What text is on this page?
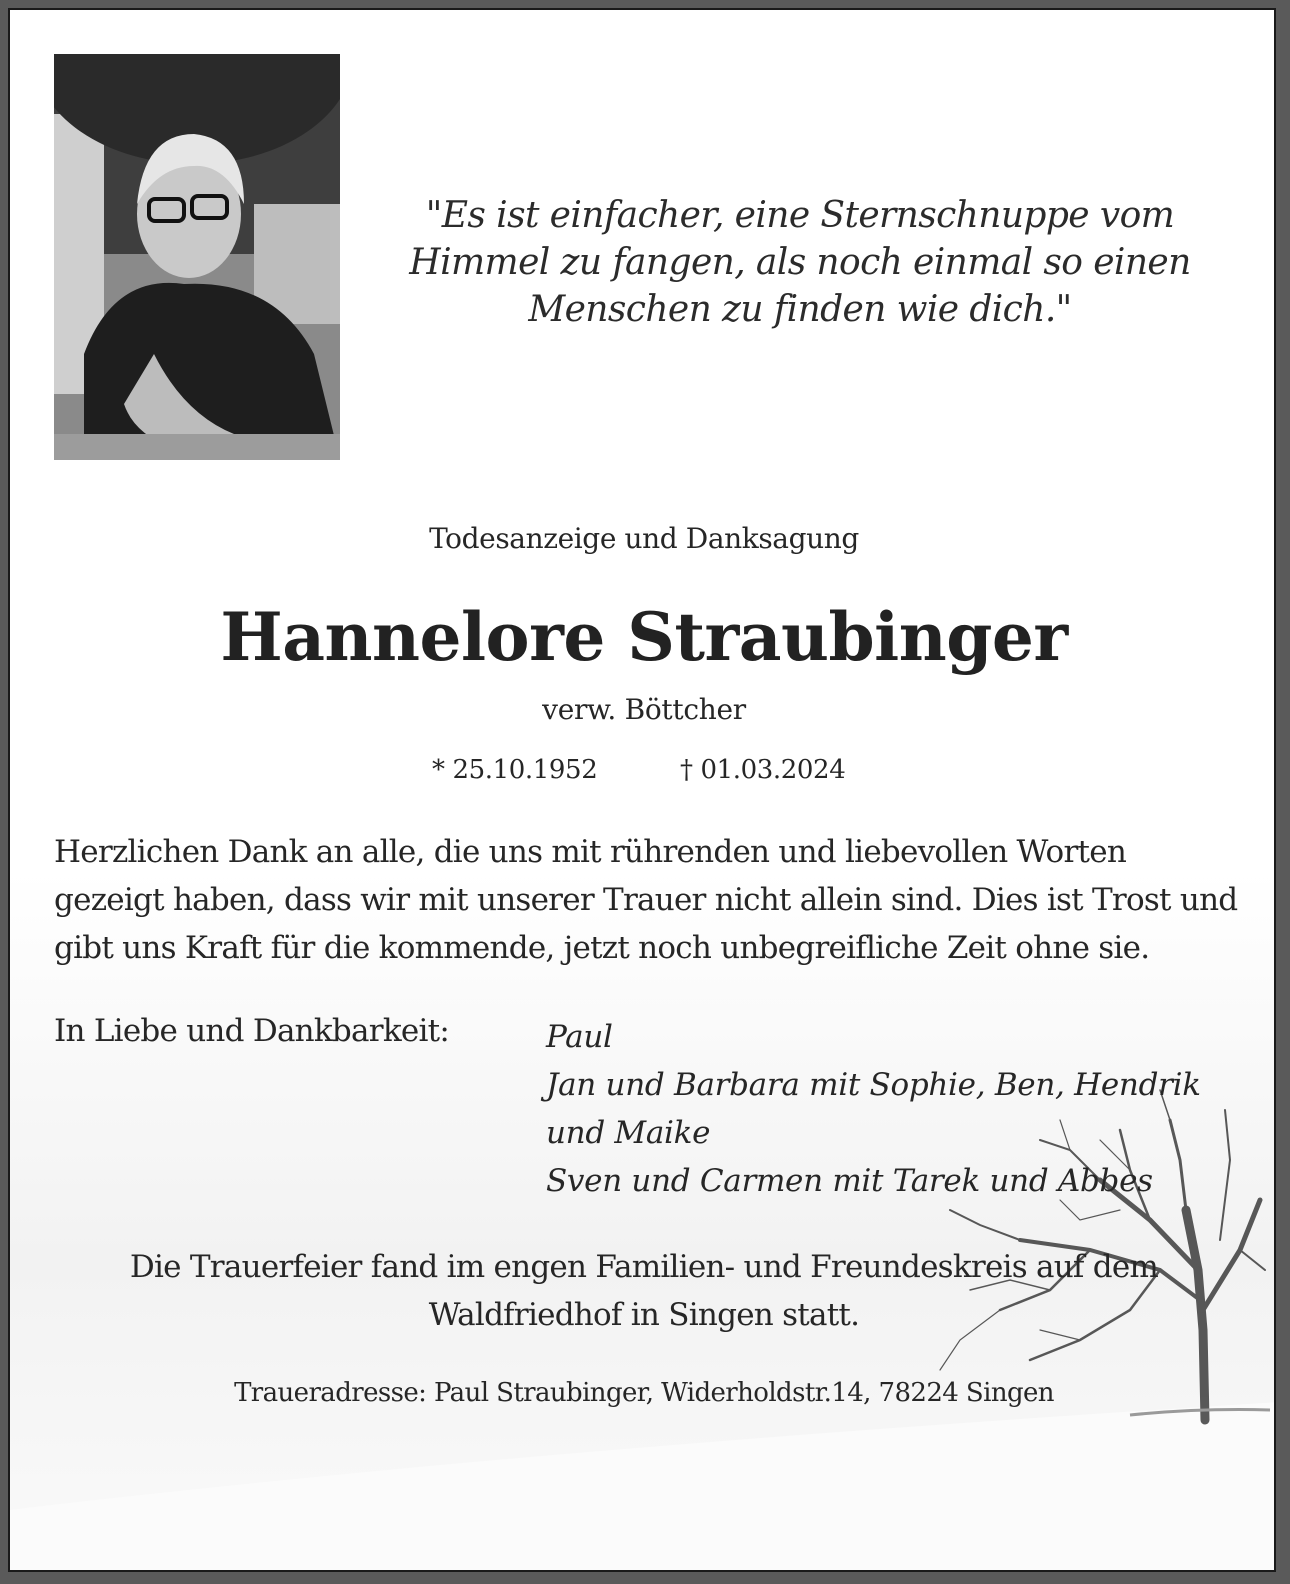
"Es ist einfacher, eine Sternschnuppe vom
Himmel zu fangen, als noch einmal so einen
Menschen zu finden wie dich."
Todesanzeige und Danksagung
Hannelore Straubinger
verw. Böttcher
* 25.10.1952	† 01.03.2024
Herzlichen Dank an alle, die uns mit rührenden und liebevollen Worten
gezeigt haben, dass wir mit unserer Trauer nicht allein sind. Dies ist Trost und
gibt uns Kraft für die kommende, jetzt noch unbegreifliche Zeit ohne sie.
In Liebe und Dankbarkeit:	Paul
Jan und Barbara mit Sophie, Ben, Hendrik
und Maike
Sven und Carmen mit Tarek und Abbes
Die Trauerfeier fand im engen Familien- und Freundeskreis auf dem
Waldfriedhof in Singen statt.
Traueradresse: Paul Straubinger, Widerholdstr.14, 78224 Singen
